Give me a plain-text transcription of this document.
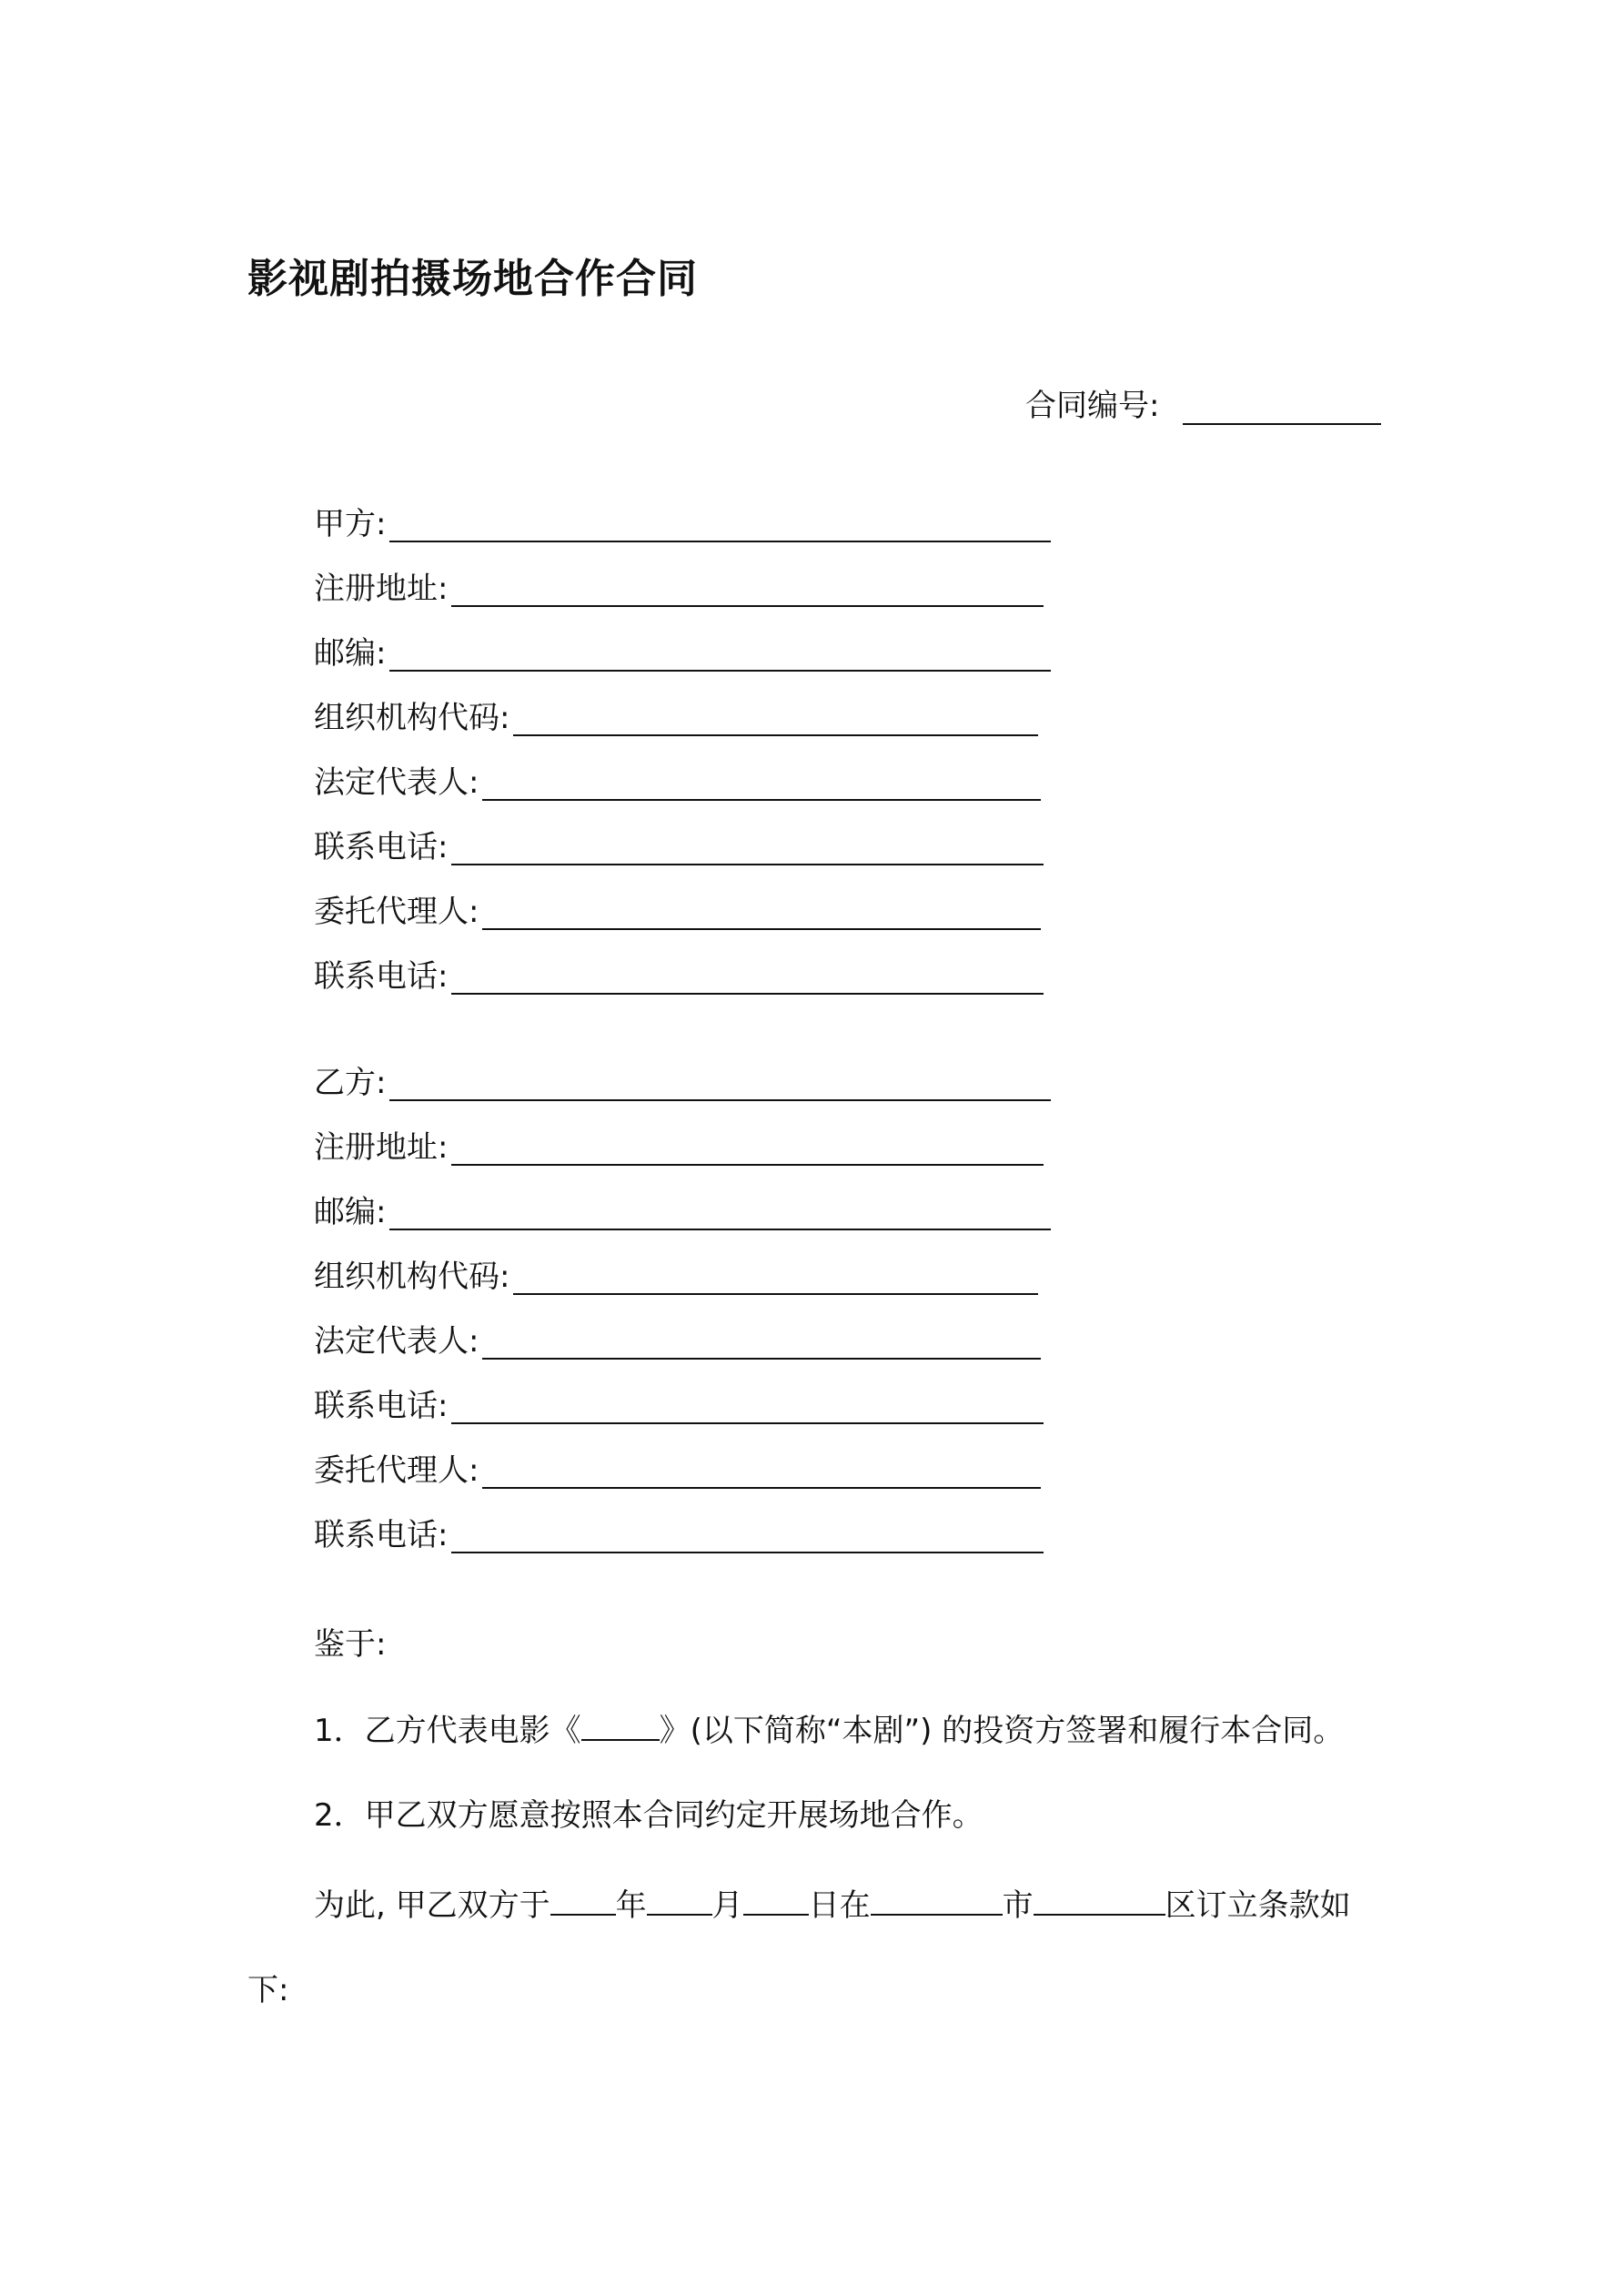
影视剧拍摄场地合作合同
合同编号:
甲方:
注册地址:
邮编:
组织机构代码:
法定代表人:
联系电话:
委托代理人:
联系电话:
乙方:
注册地址:
邮编:
组织机构代码:
法定代表人:
联系电话:
委托代理人:
联系电话:
鉴于:
1．乙方代表电影《	》(以下简称“本剧”) 的投资方签署和履行本合同。
2．甲乙双方愿意按照本合同约定开展场地合作。
为此, 甲乙双方于 年 月 日在	市	区订立条款如
下:
